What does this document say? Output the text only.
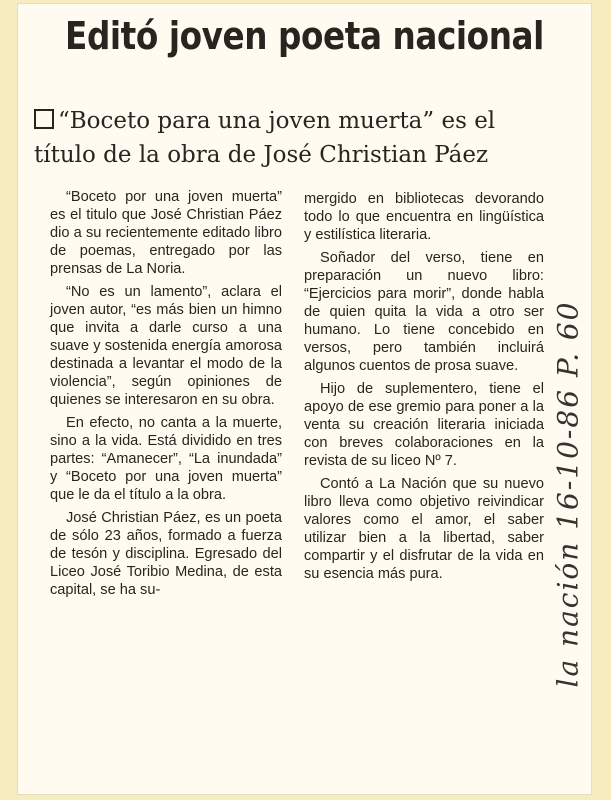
Editó joven poeta nacional
“Boceto para una joven muerta” es el
título de la obra de José Christian Páez

“Boceto por una joven muerta” es el titulo que José Christian Páez dio a su recientemente editado libro de poemas, entregado por las prensas de La Noria.

“No es un lamento”, aclara el joven autor, “es más bien un himno que invita a darle curso a una suave y sostenida energía amorosa destinada a levantar el modo de la violencia”, según opiniones de quienes se interesaron en su obra.

En efecto, no canta a la muerte, sino a la vida. Está dividido en tres partes: “Amanecer”, “La inundada” y “Boceto por una joven muerta” que le da el título a la obra.

José Christian Páez, es un poeta de sólo 23 años, formado a fuerza de tesón y disciplina. Egresado del Liceo José Toribio Medina, de esta capital, se ha su-

mergido en bibliotecas devorando todo lo que encuentra en lingüística y estilística literaria.

Soñador del verso, tiene en preparación un nuevo libro: “Ejercicios para morir”, donde habla de quien quita la vida a otro ser humano. Lo tiene concebido en versos, pero también incluirá algunos cuentos de prosa suave.

Hijo de suplementero, tiene el apoyo de ese gremio para poner a la venta su creación literaria iniciada con breves colaboraciones en la revista de su liceo Nº 7.

Contó a La Nación que su nuevo libro lleva como objetivo reivindicar valores como el amor, el saber utilizar bien a la libertad, saber compartir y el disfrutar de la vida en su esencia más pura.	la nación 16-10-86 P. 60
